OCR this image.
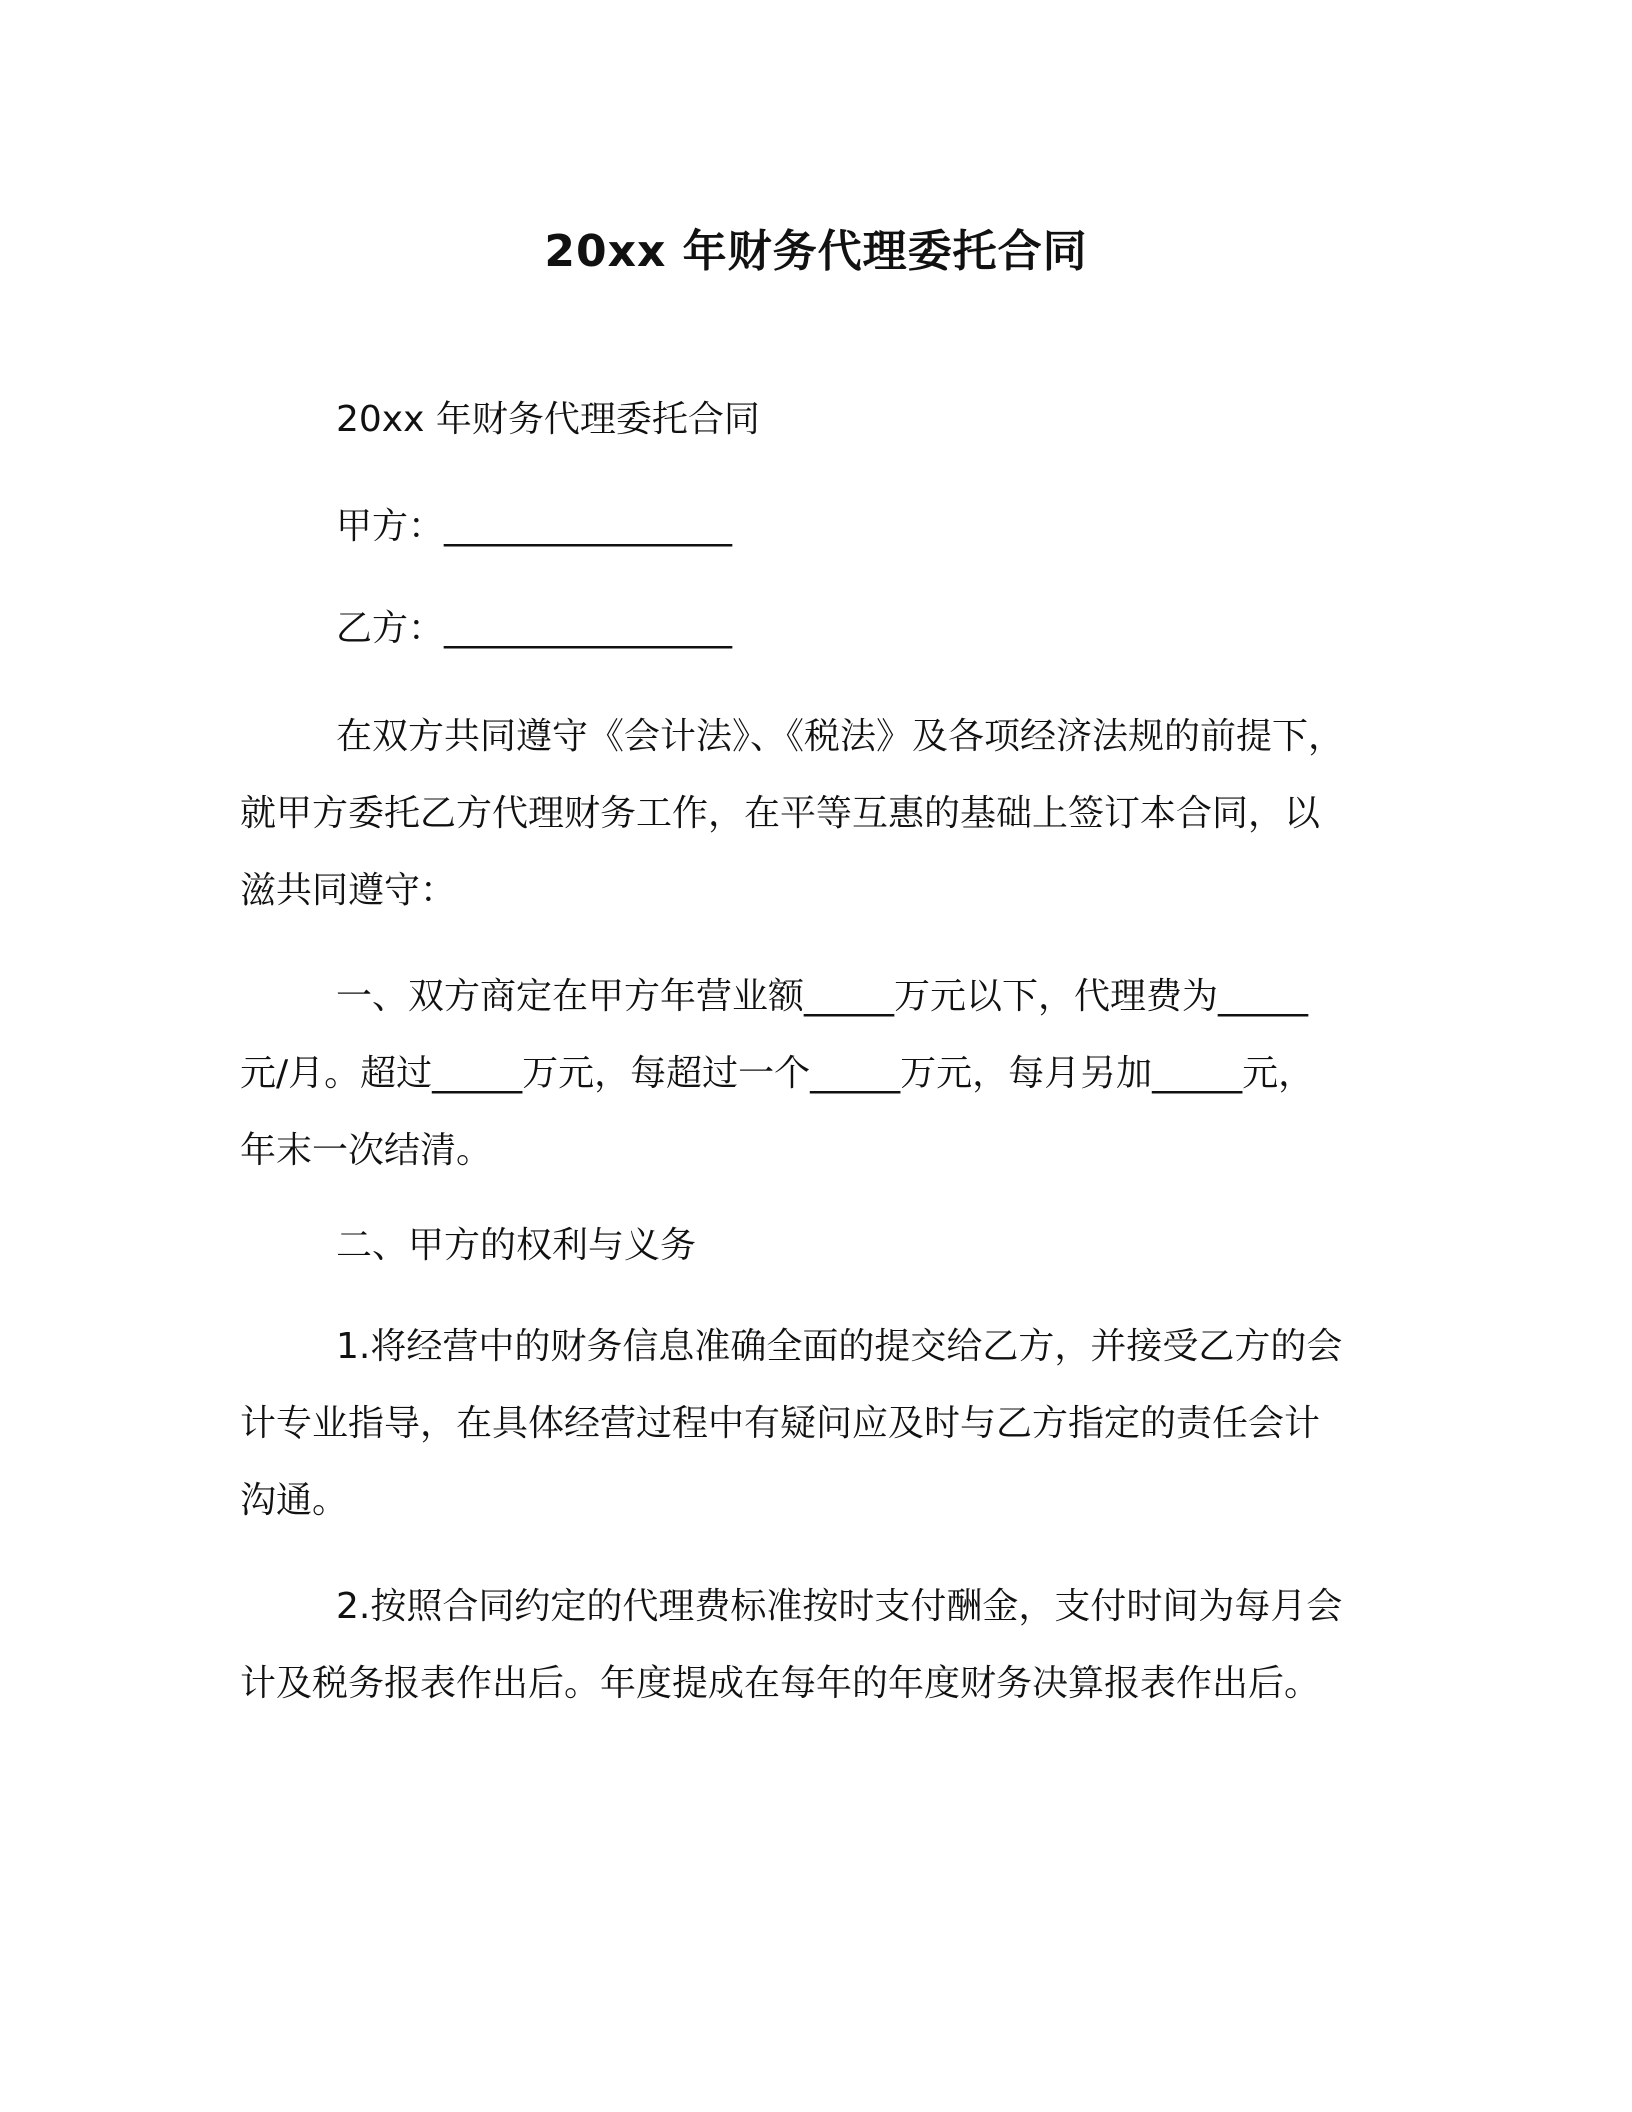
20xx 年财务代理委托合同
20xx 年财务代理委托合同
甲方：________________
乙方：________________
在双方共同遵守《会计法》、《税法》及各项经济法规的前提下，
就甲方委托乙方代理财务工作，在平等互惠的基础上签订本合同，以
滋共同遵守：
一、双方商定在甲方年营业额_____万元以下，代理费为_____
元/月。超过_____万元，每超过一个_____万元，每月另加_____元，
年末一次结清。
二、甲方的权利与义务
1.将经营中的财务信息准确全面的提交给乙方，并接受乙方的会
计专业指导，在具体经营过程中有疑问应及时与乙方指定的责任会计
沟通。
2.按照合同约定的代理费标准按时支付酬金，支付时间为每月会
计及税务报表作出后。年度提成在每年的年度财务决算报表作出后。
